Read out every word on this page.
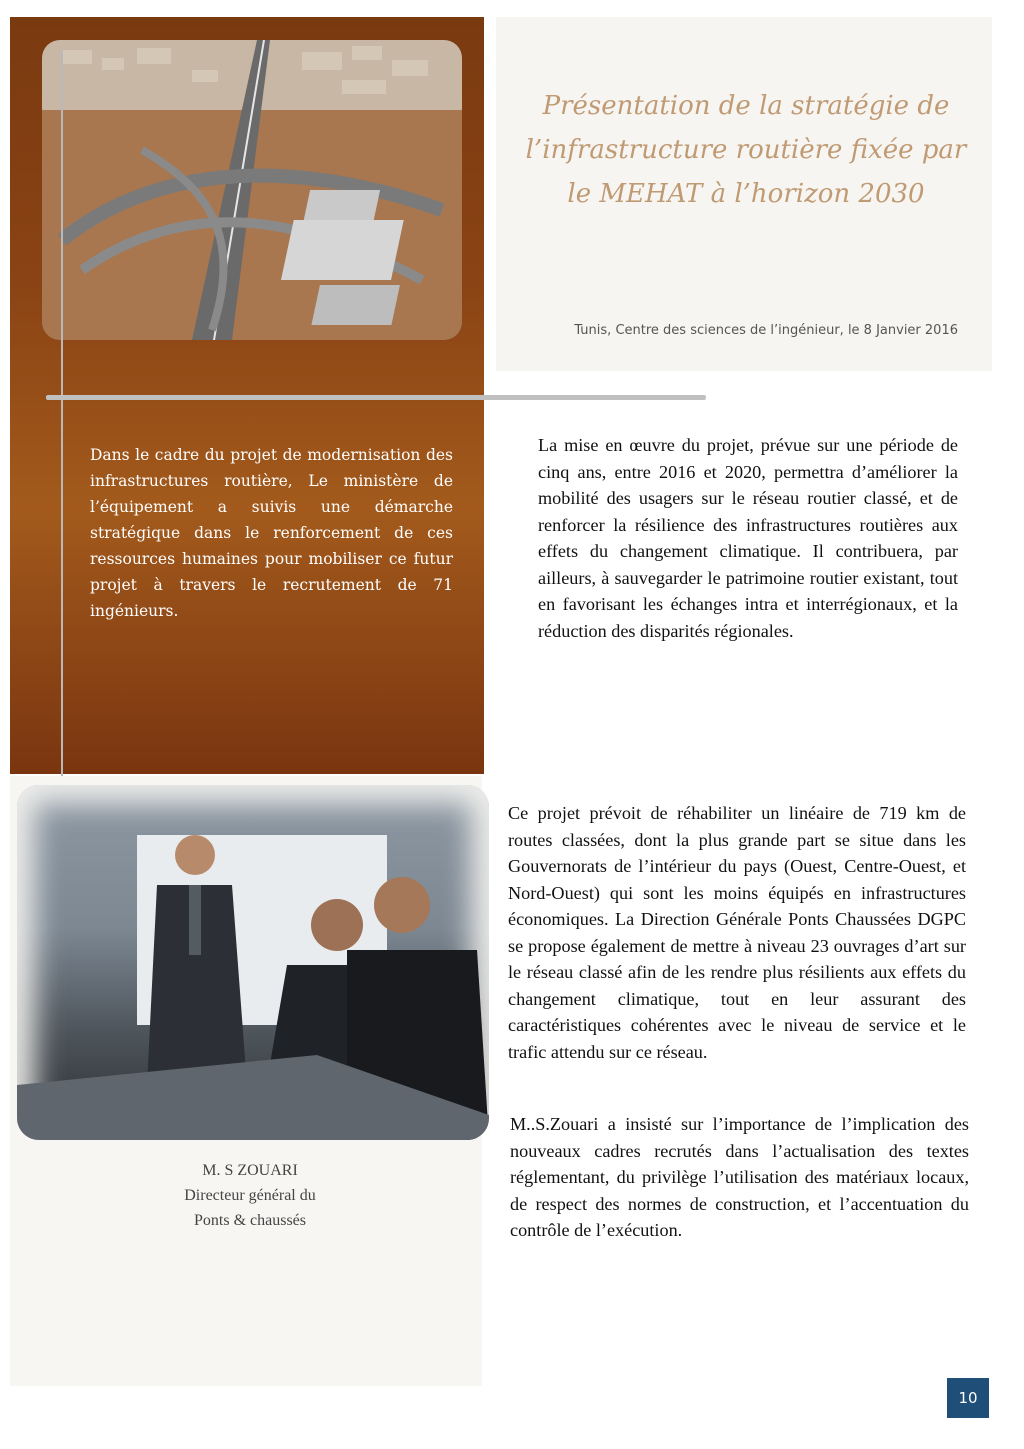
Présentation de la stratégie de
l’infrastructure routière fixée par
le MEHAT à l’horizon 2030
Tunis, Centre des sciences de l’ingénieur, le 8 Janvier 2016
Dans le cadre du projet de modernisation des infrastructures routière, Le ministère de l’équipement a suivis une démarche stratégique dans le renforcement de ces ressources humaines pour mobiliser ce futur projet à travers le recrutement de 71 ingénieurs.
La mise en œuvre du projet, prévue sur une période de cinq ans, entre 2016 et 2020, permettra d’améliorer la mobilité des usagers sur le réseau routier classé, et de renforcer la résilience des infrastructures routières aux effets du changement climatique. Il contribuera, par ailleurs, à sauvegarder le patrimoine routier existant, tout en favorisant les échanges intra et interrégionaux, et la réduction des disparités régionales.
Ce projet prévoit de réhabiliter un linéaire de 719 km de routes classées, dont la plus grande part se situe dans les Gouvernorats de l’intérieur du pays (Ouest, Centre-Ouest, et Nord-Ouest) qui sont les moins équipés en infrastructures économiques. La Direction Générale Ponts Chaussées DGPC se propose également de mettre à niveau 23 ouvrages d’art sur le réseau classé afin de les rendre plus résilients aux effets du changement climatique, tout en leur assurant des caractéristiques cohérentes avec le niveau de service et le trafic attendu sur ce réseau.
M..S.Zouari a insisté sur l’importance de l’implication des nouveaux cadres recrutés dans l’actualisation des textes réglementant, du privilège l’utilisation des matériaux locaux, de respect des normes de construction, et l’accentuation du contrôle de l’exécution.
M. S ZOUARI
Directeur général du
Ponts & chaussés
10
